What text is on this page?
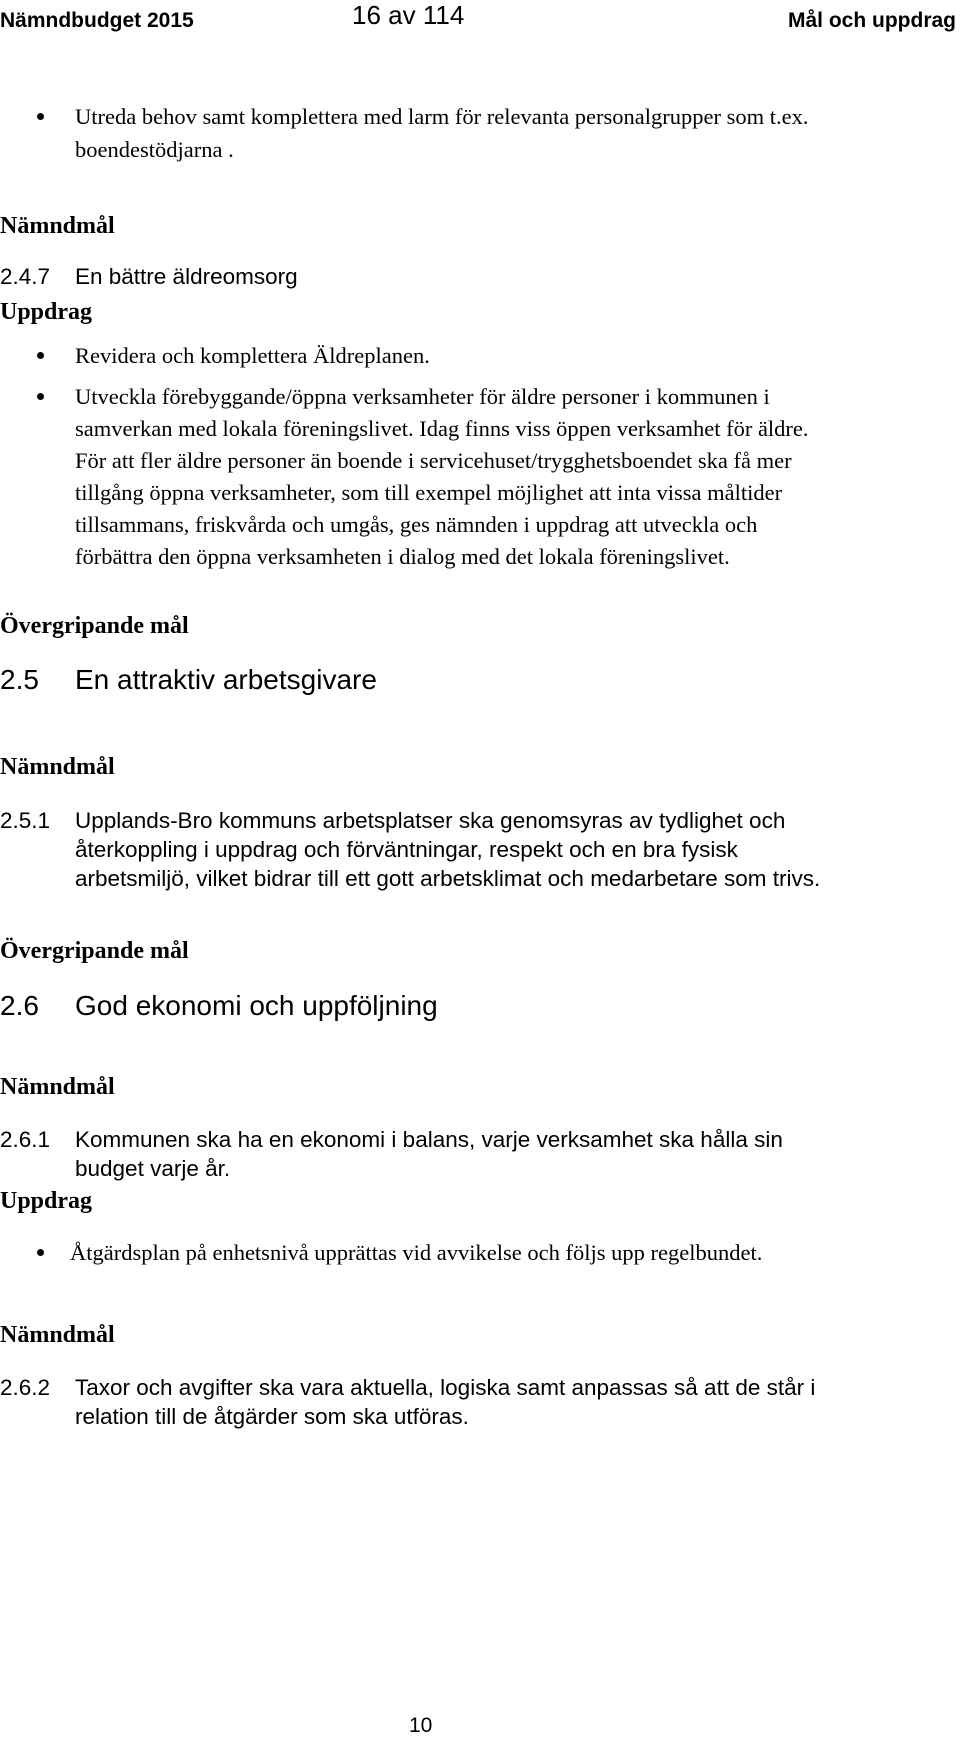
Nämndbudget 2015	16 av 114	Mål och uppdrag
Utreda behov samt komplettera med larm för relevanta personalgrupper som t.ex.
boendestödjarna .
Nämndmål
2.4.7 En bättre äldreomsorg
Uppdrag
Revidera och komplettera Äldreplanen.
Utveckla förebyggande/öppna verksamheter för äldre personer i kommunen i
samverkan med lokala föreningslivet. Idag finns viss öppen verksamhet för äldre.
För att fler äldre personer än boende i servicehuset/trygghetsboendet ska få mer
tillgång öppna verksamheter, som till exempel möjlighet att inta vissa måltider
tillsammans, friskvårda och umgås, ges nämnden i uppdrag att utveckla och
förbättra den öppna verksamheten i dialog med det lokala föreningslivet.
Övergripande mål
2.5 En attraktiv arbetsgivare
Nämndmål
2.5.1 Upplands-Bro kommuns arbetsplatser ska genomsyras av tydlighet och
återkoppling i uppdrag och förväntningar, respekt och en bra fysisk
arbetsmiljö, vilket bidrar till ett gott arbetsklimat och medarbetare som trivs.
Övergripande mål
2.6 God ekonomi och uppföljning
Nämndmål
2.6.1 Kommunen ska ha en ekonomi i balans, varje verksamhet ska hålla sin
budget varje år.
Uppdrag
Åtgärdsplan på enhetsnivå upprättas vid avvikelse och följs upp regelbundet.
Nämndmål
2.6.2 Taxor och avgifter ska vara aktuella, logiska samt anpassas så att de står i
relation till de åtgärder som ska utföras.
10
